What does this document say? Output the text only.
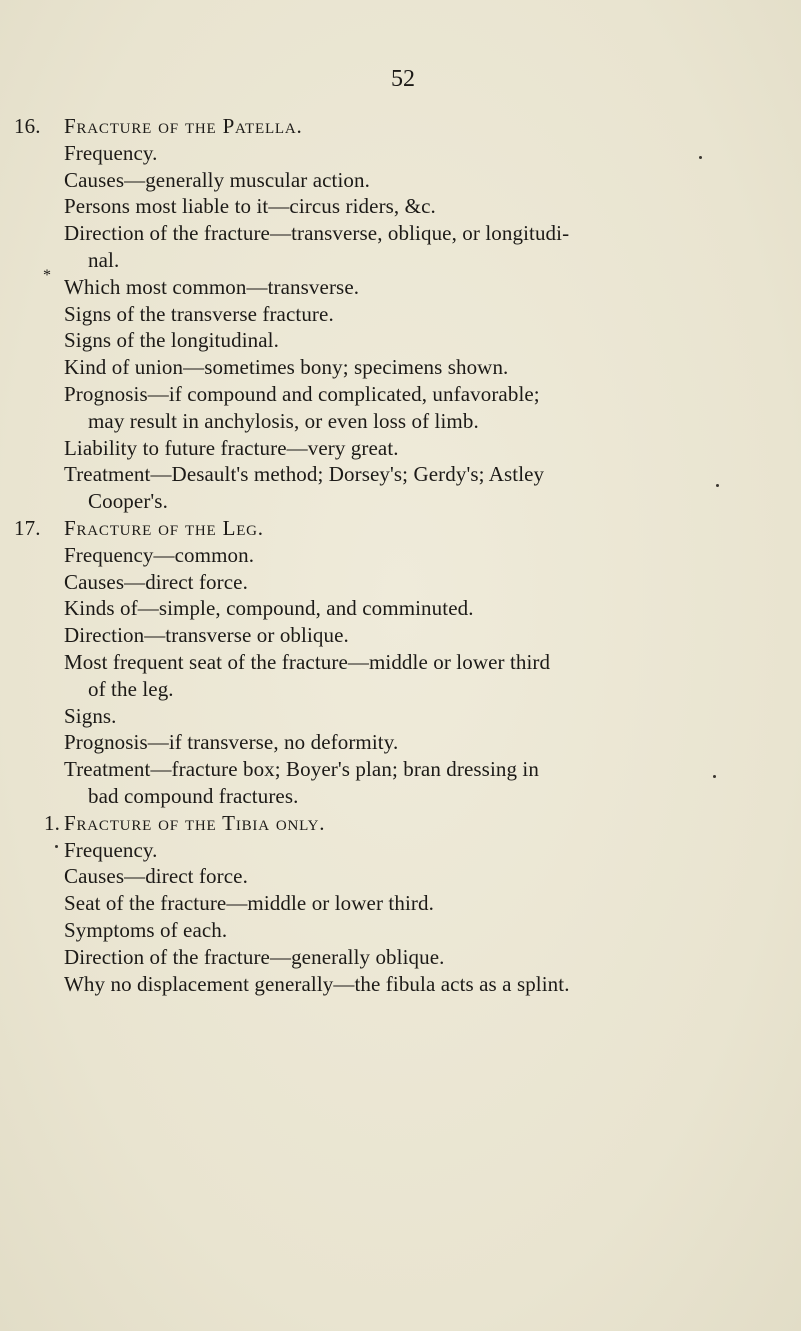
52
*
16. Fracture of the Patella.
Frequency.
Causes—generally muscular action.
Persons most liable to it—circus riders, &c.
Direction of the fracture—transverse, oblique, or longitudi-
nal.
Which most common—transverse.
Signs of the transverse fracture.
Signs of the longitudinal.
Kind of union—sometimes bony; specimens shown.
Prognosis—if compound and complicated, unfavorable;
may result in anchylosis, or even loss of limb.
Liability to future fracture—very great.
Treatment—Desault's method; Dorsey's; Gerdy's; Astley
Cooper's.
17. Fracture of the Leg.
Frequency—common.
Causes—direct force.
Kinds of—simple, compound, and comminuted.
Direction—transverse or oblique.
Most frequent seat of the fracture—middle or lower third
of the leg.
Signs.
Prognosis—if transverse, no deformity.
Treatment—fracture box; Boyer's plan; bran dressing in
bad compound fractures.
1. Fracture of the Tibia only.
Frequency.
Causes—direct force.
Seat of the fracture—middle or lower third.
Symptoms of each.
Direction of the fracture—generally oblique.
Why no displacement generally—the fibula acts as a splint.
